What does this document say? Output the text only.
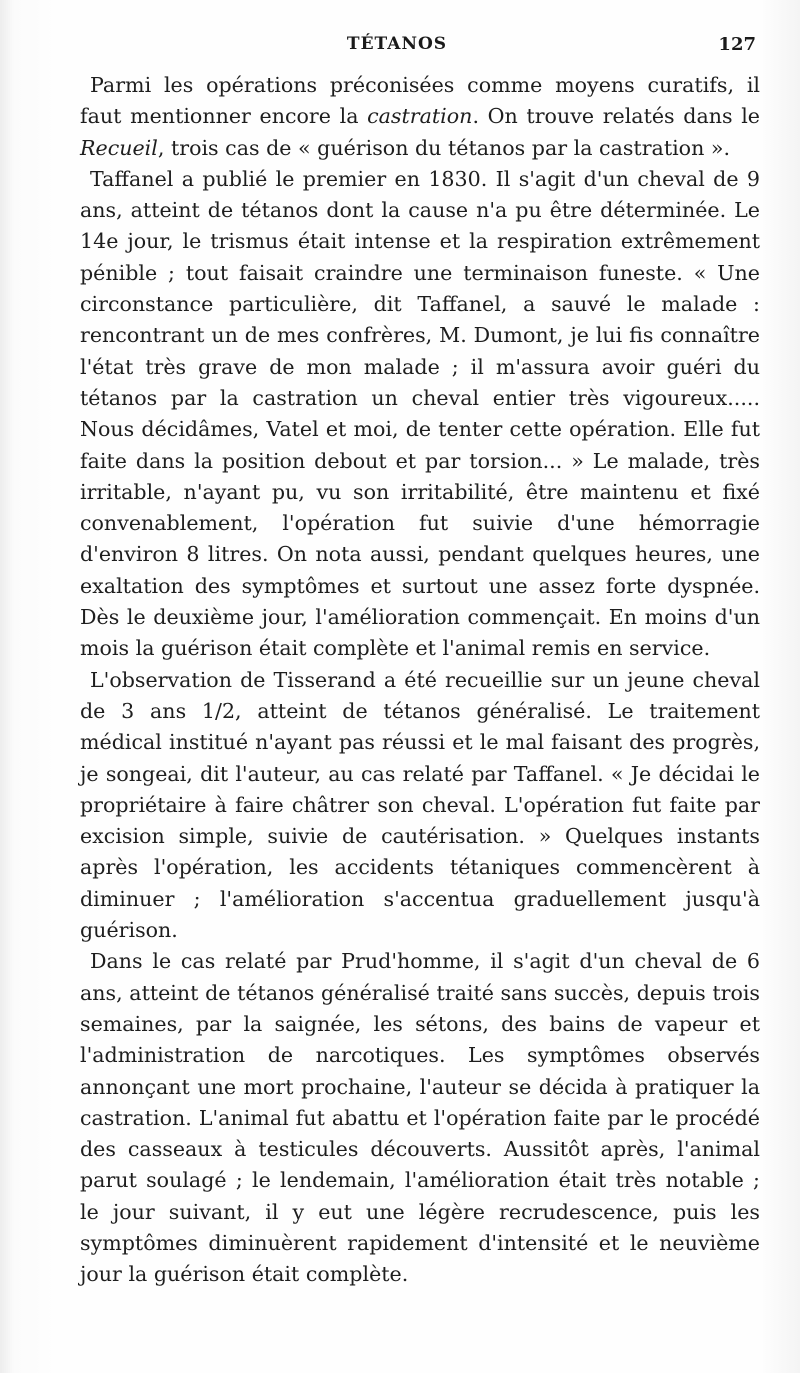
TÉTANOS	127

Parmi les opérations préconisées comme moyens curatifs, il faut mentionner encore la castration. On trouve relatés dans le Recueil, trois cas de « guérison du tétanos par la castration ».

Taffanel a publié le premier en 1830. Il s'agit d'un cheval de 9 ans, atteint de tétanos dont la cause n'a pu être déterminée. Le 14e jour, le trismus était intense et la respiration extrêmement pénible ; tout faisait craindre une terminaison funeste. « Une circonstance particulière, dit Taffanel, a sauvé le malade : rencontrant un de mes confrères, M. Dumont, je lui fis connaître l'état très grave de mon malade ; il m'assura avoir guéri du tétanos par la castration un cheval entier très vigoureux..... Nous décidâmes, Vatel et moi, de tenter cette opération. Elle fut faite dans la position debout et par torsion... » Le malade, très irritable, n'ayant pu, vu son irritabilité, être maintenu et fixé convenablement, l'opération fut suivie d'une hémorragie d'environ 8 litres. On nota aussi, pendant quelques heures, une exaltation des symptômes et surtout une assez forte dyspnée. Dès le deuxième jour, l'amélioration commençait. En moins d'un mois la guérison était complète et l'animal remis en service.

L'observation de Tisserand a été recueillie sur un jeune cheval de 3 ans 1/2, atteint de tétanos généralisé. Le traitement médical institué n'ayant pas réussi et le mal faisant des progrès, je songeai, dit l'auteur, au cas relaté par Taffanel. « Je décidai le propriétaire à faire châtrer son cheval. L'opération fut faite par excision simple, suivie de cautérisation. » Quelques instants après l'opération, les accidents tétaniques commencèrent à diminuer ; l'amélioration s'accentua graduellement jusqu'à guérison.

Dans le cas relaté par Prud'homme, il s'agit d'un cheval de 6 ans, atteint de tétanos généralisé traité sans succès, depuis trois semaines, par la saignée, les sétons, des bains de vapeur et l'administration de narcotiques. Les symptômes observés annonçant une mort prochaine, l'auteur se décida à pratiquer la castration. L'animal fut abattu et l'opération faite par le procédé des casseaux à testicules découverts. Aussitôt après, l'animal parut soulagé ; le lendemain, l'amélioration était très notable ; le jour suivant, il y eut une légère recrudescence, puis les symptômes diminuèrent rapidement d'intensité et le neuvième jour la guérison était complète.
